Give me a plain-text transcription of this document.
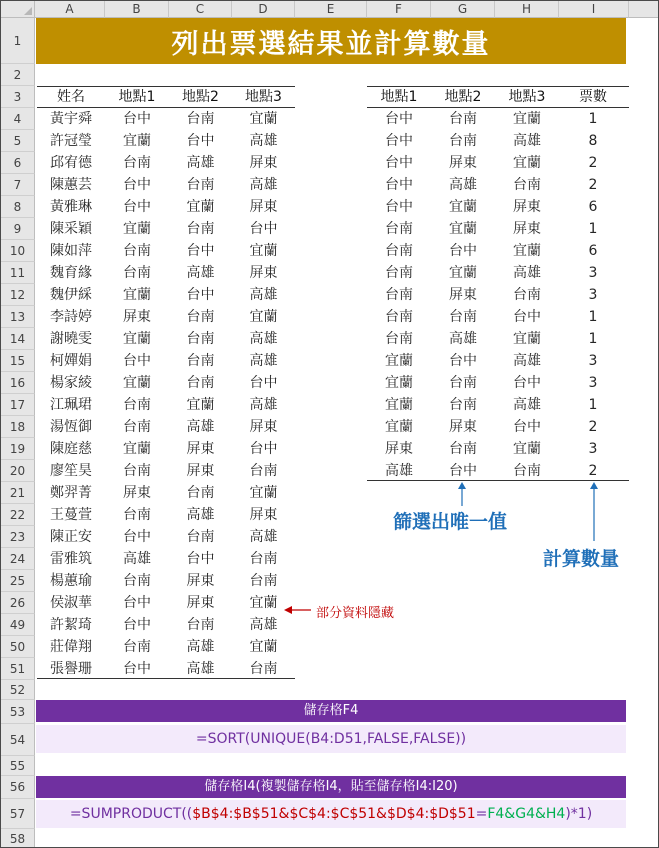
A	B	C	D	E	F	G	H	I
1
2
3
4
5
6
7
8
9
10
11
12
13
14
15
16
17
18
19
20
21
22
23
24
25
26
49
50
51
52
53
54
55
56
57
58
列出票選結果並計算數量
姓名	地點1	地點2	地點3
黃宇舜	台中	台南	宜蘭
許冠瑩	宜蘭	台中	高雄
邱宥德	台南	高雄	屏東
陳蕙芸	台中	台南	高雄
黃雅琳	台中	宜蘭	屏東
陳采穎	宜蘭	台南	台中
陳如萍	台南	台中	宜蘭
魏育緣	台南	高雄	屏東
魏伊綵	宜蘭	台中	高雄
李詩婷	屏東	台南	宜蘭
謝曉雯	宜蘭	台南	高雄
柯嬋娟	台中	台南	高雄
楊家綾	宜蘭	台南	台中
江珮珺	台南	宜蘭	高雄
湯恆御	台南	高雄	屏東
陳庭慈	宜蘭	屏東	台中
廖笙昊	台南	屏東	台南
鄭羿菁	屏東	台南	宜蘭
王蔓萱	台南	高雄	屏東
陳正安	台中	台南	高雄
雷雅筑	高雄	台中	台南
楊蕙瑜	台南	屏東	台南
侯淑華	台中	屏東	宜蘭
許絜琦	台中	台南	高雄
莊偉翔	台南	高雄	宜蘭
張譽珊	台中	高雄	台南
地點1	地點2	地點3	票數
台中	台南	宜蘭	1
台中	台南	高雄	8
台中	屏東	宜蘭	2
台中	高雄	台南	2
台中	宜蘭	屏東	6
台南	宜蘭	屏東	1
台南	台中	宜蘭	6
台南	宜蘭	高雄	3
台南	屏東	台南	3
台南	台南	台中	1
台南	高雄	宜蘭	1
宜蘭	台中	高雄	3
宜蘭	台南	台中	3
宜蘭	台南	高雄	1
宜蘭	屏東	台中	2
屏東	台南	宜蘭	3
高雄	台中	台南	2
篩選出唯一值
計算數量
部分資料隱藏
儲存格F4
=SORT(UNIQUE(B4:D51,FALSE,FALSE))
儲存格I4(複製儲存格I4，貼至儲存格I4:I20)
=SUMPRODUCT(($B$4:$B$51&$C$4:$C$51&$D$4:$D$51=F4&G4&H4)*1)
